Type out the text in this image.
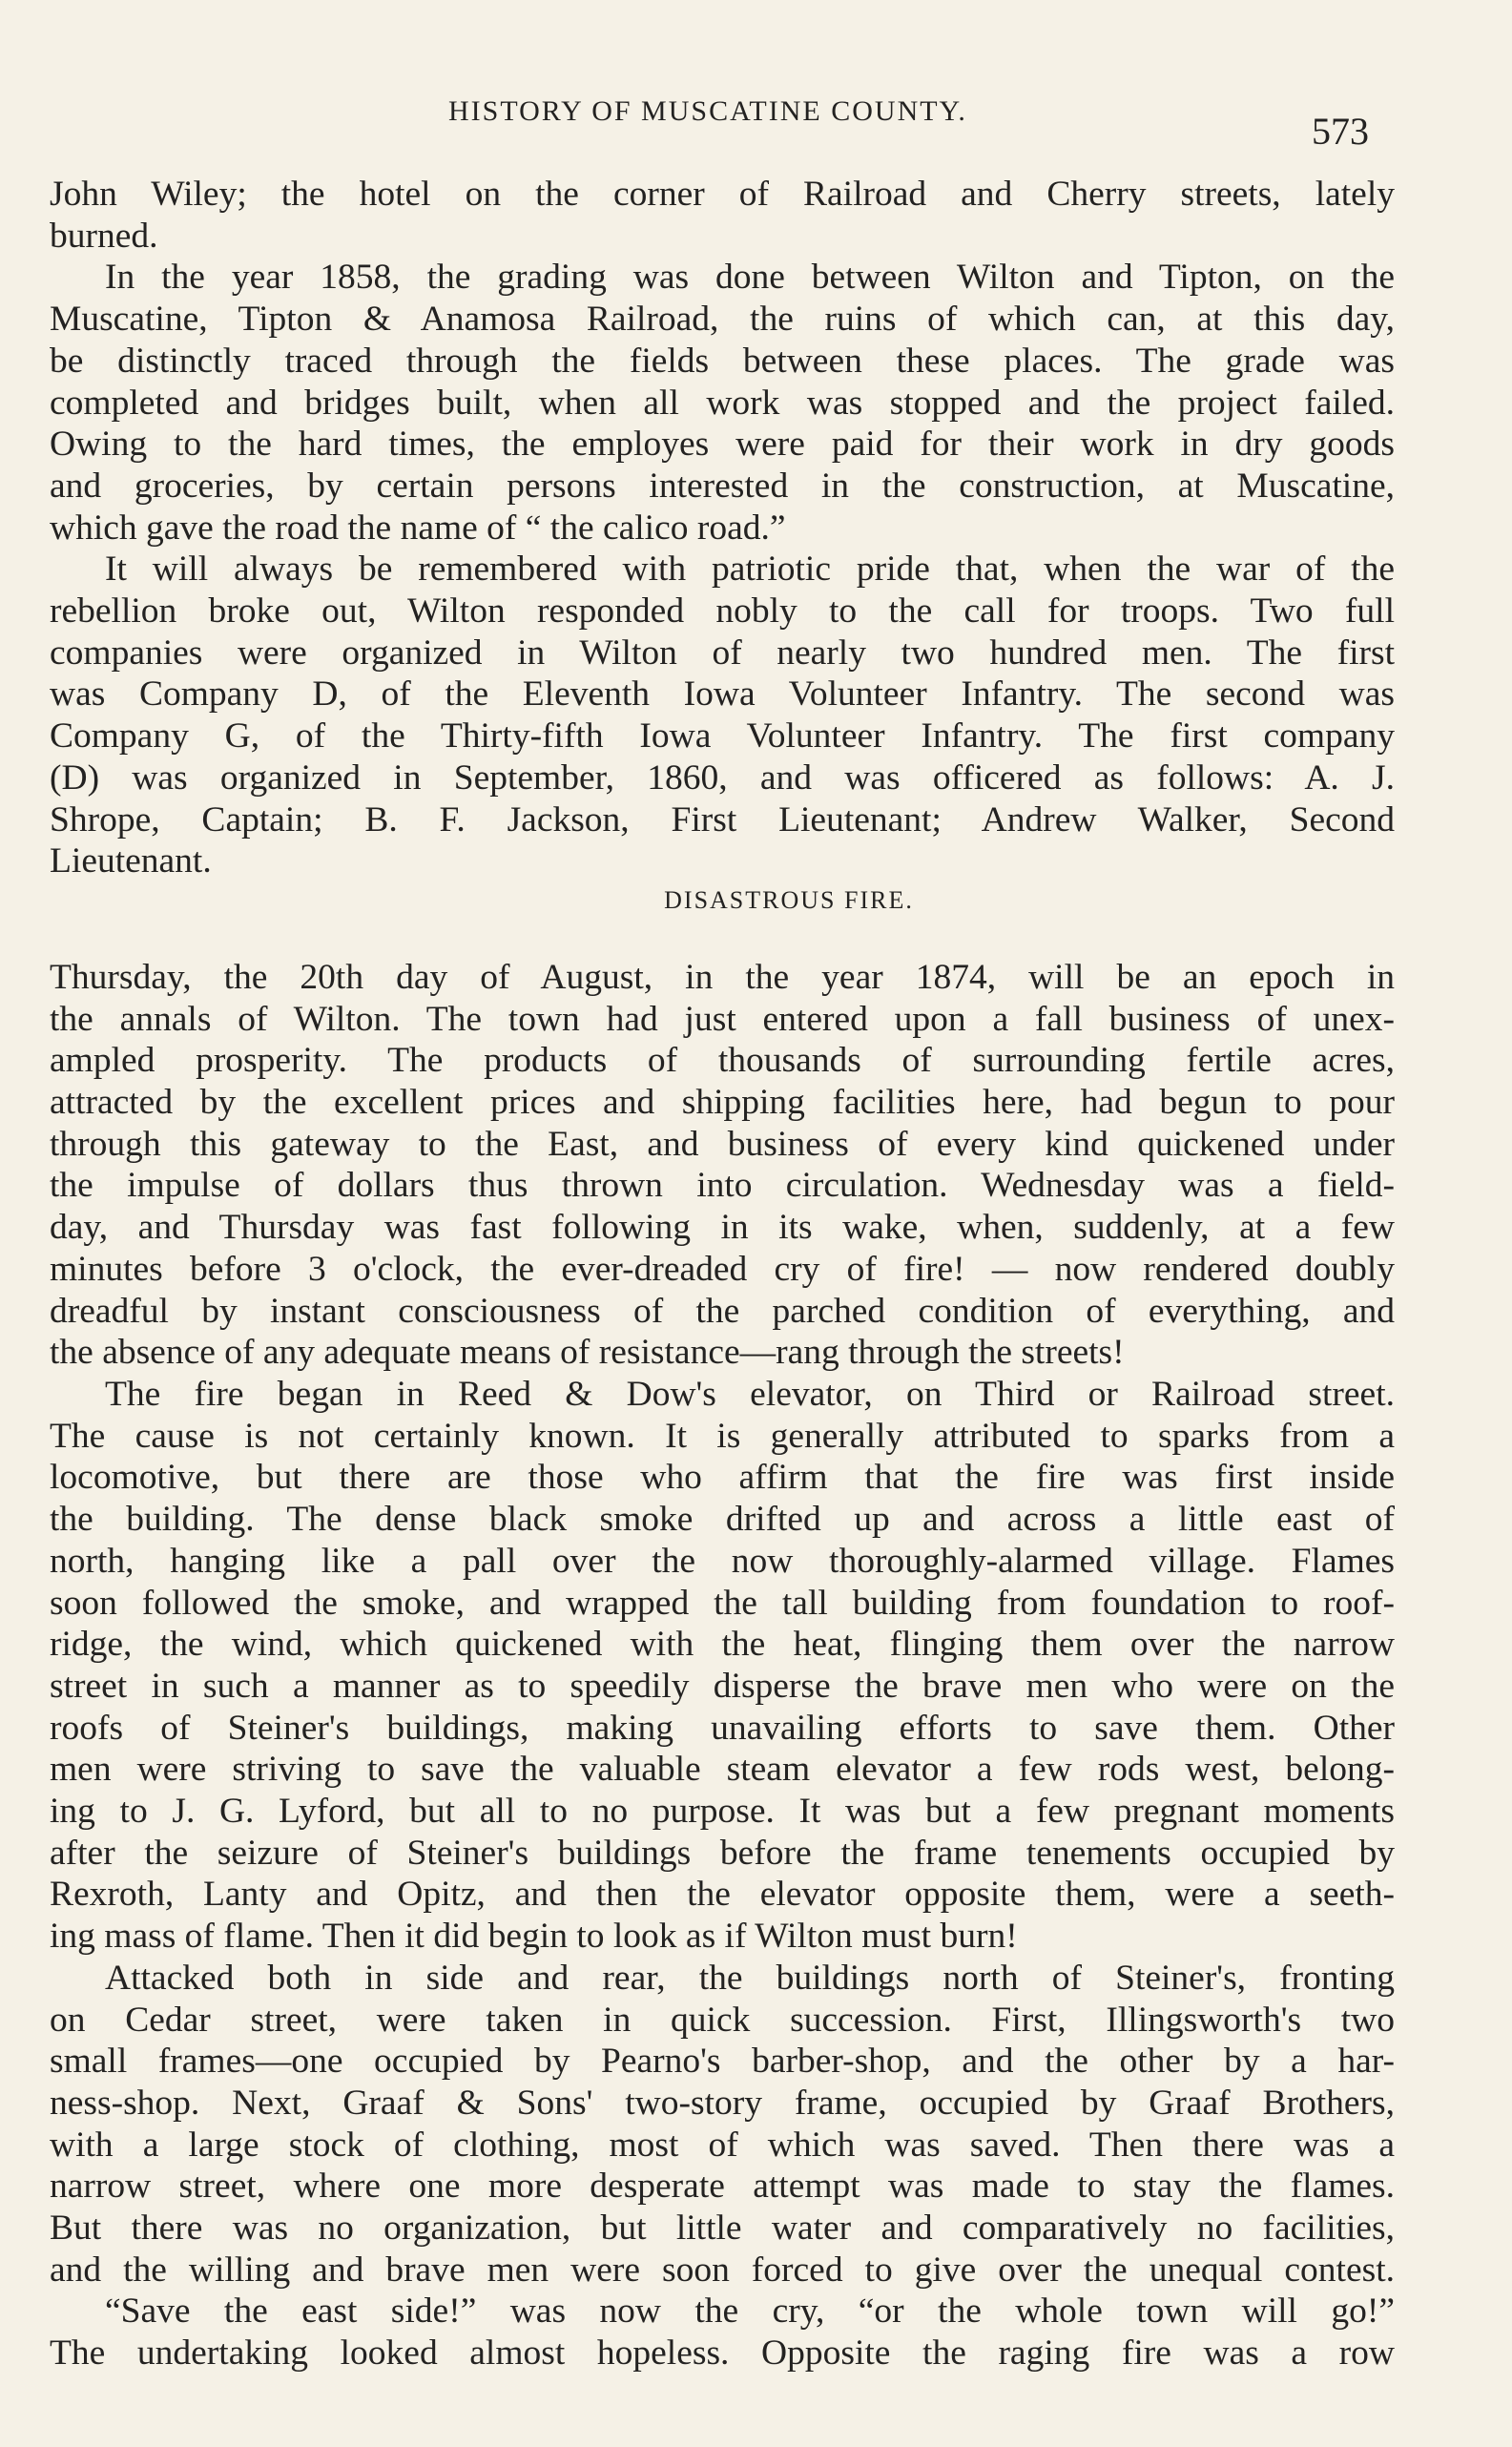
HISTORY OF MUSCATINE COUNTY.	573
John Wiley; the hotel on the corner of Railroad and Cherry streets, lately
burned.
In the year 1858, the grading was done between Wilton and Tipton, on the
Muscatine, Tipton & Anamosa Railroad, the ruins of which can, at this day,
be distinctly traced through the fields between these places. The grade was
completed and bridges built, when all work was stopped and the project failed.
Owing to the hard times, the employes were paid for their work in dry goods
and groceries, by certain persons interested in the construction, at Muscatine,
which gave the road the name of “ the calico road.”
It will always be remembered with patriotic pride that, when the war of the
rebellion broke out, Wilton responded nobly to the call for troops. Two full
companies were organized in Wilton of nearly two hundred men. The first
was Company D, of the Eleventh Iowa Volunteer Infantry. The second was
Company G, of the Thirty-fifth Iowa Volunteer Infantry. The first company
(D) was organized in September, 1860, and was officered as follows: A. J.
Shrope, Captain; B. F. Jackson, First Lieutenant; Andrew Walker, Second
Lieutenant.
DISASTROUS FIRE.
Thursday, the 20th day of August, in the year 1874, will be an epoch in
the annals of Wilton. The town had just entered upon a fall business of unex-
ampled prosperity. The products of thousands of surrounding fertile acres,
attracted by the excellent prices and shipping facilities here, had begun to pour
through this gateway to the East, and business of every kind quickened under
the impulse of dollars thus thrown into circulation. Wednesday was a field-
day, and Thursday was fast following in its wake, when, suddenly, at a few
minutes before 3 o'clock, the ever-dreaded cry of fire! — now rendered doubly
dreadful by instant consciousness of the parched condition of everything, and
the absence of any adequate means of resistance—rang through the streets!
The fire began in Reed & Dow's elevator, on Third or Railroad street.
The cause is not certainly known. It is generally attributed to sparks from a
locomotive, but there are those who affirm that the fire was first inside
the building. The dense black smoke drifted up and across a little east of
north, hanging like a pall over the now thoroughly-alarmed village. Flames
soon followed the smoke, and wrapped the tall building from foundation to roof-
ridge, the wind, which quickened with the heat, flinging them over the narrow
street in such a manner as to speedily disperse the brave men who were on the
roofs of Steiner's buildings, making unavailing efforts to save them. Other
men were striving to save the valuable steam elevator a few rods west, belong-
ing to J. G. Lyford, but all to no purpose. It was but a few pregnant moments
after the seizure of Steiner's buildings before the frame tenements occupied by
Rexroth, Lanty and Opitz, and then the elevator opposite them, were a seeth-
ing mass of flame. Then it did begin to look as if Wilton must burn!
Attacked both in side and rear, the buildings north of Steiner's, fronting
on Cedar street, were taken in quick succession. First, Illingsworth's two
small frames—one occupied by Pearno's barber-shop, and the other by a har-
ness-shop. Next, Graaf & Sons' two-story frame, occupied by Graaf Brothers,
with a large stock of clothing, most of which was saved. Then there was a
narrow street, where one more desperate attempt was made to stay the flames.
But there was no organization, but little water and comparatively no facilities,
and the willing and brave men were soon forced to give over the unequal contest.
“Save the east side!” was now the cry, “or the whole town will go!”
The undertaking looked almost hopeless. Opposite the raging fire was a row
